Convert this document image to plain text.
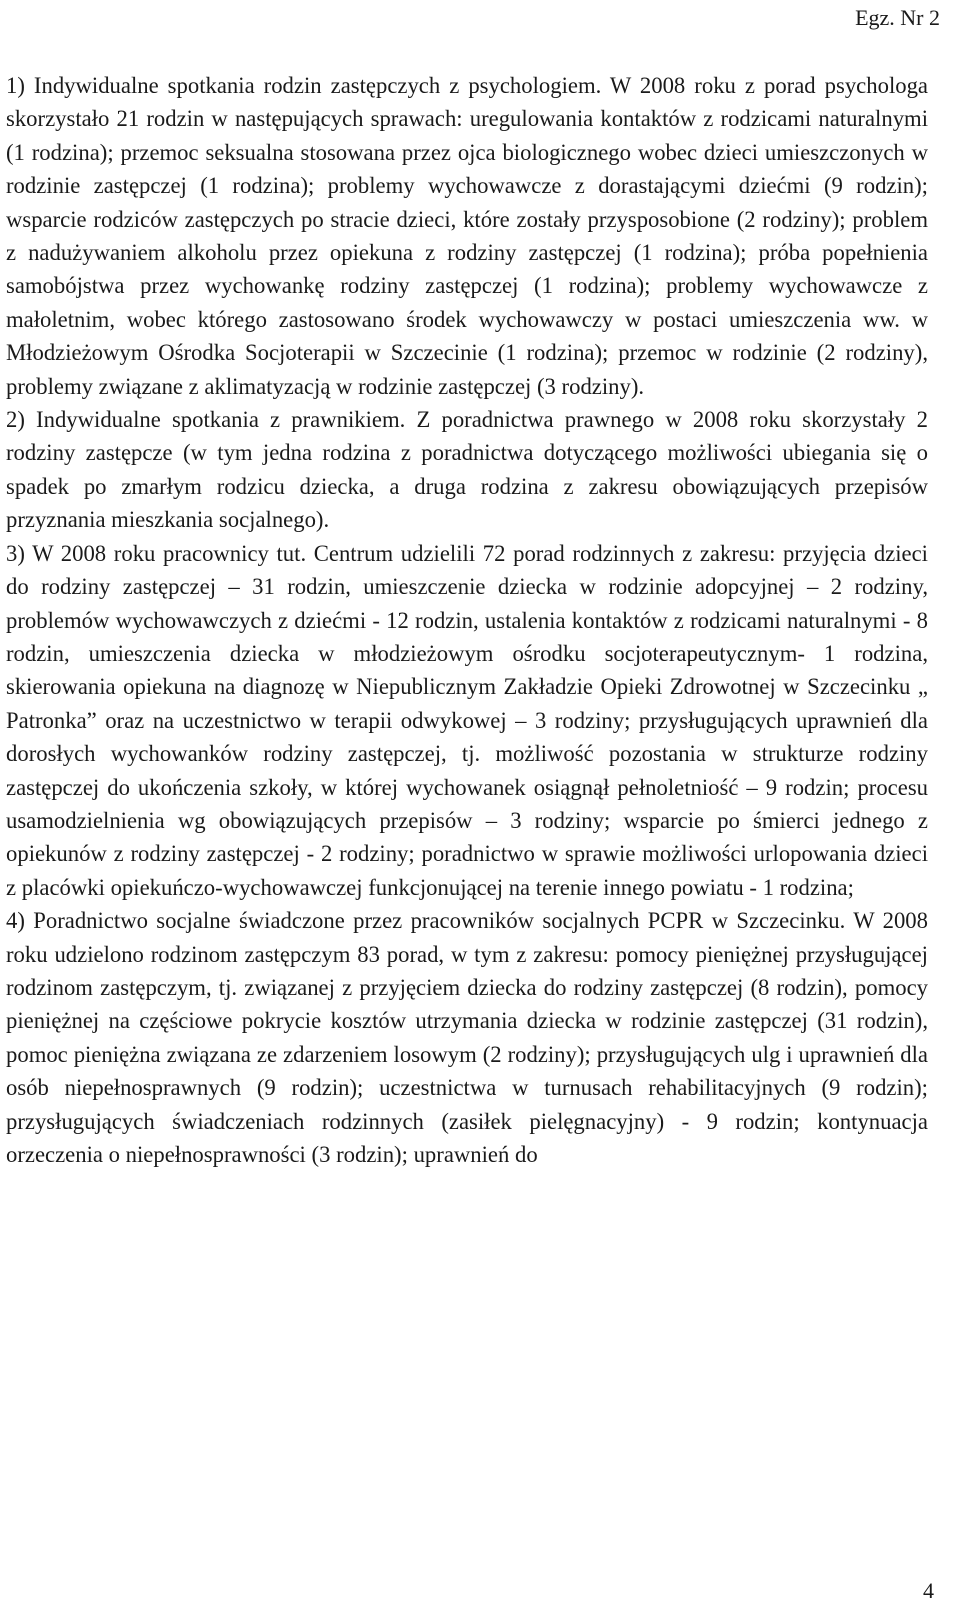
Egz. Nr 2

1) Indywidualne spotkania rodzin zastępczych z psychologiem. W 2008 roku z porad psychologa skorzystało 21 rodzin w następujących sprawach: uregulowania kontaktów z rodzicami naturalnymi (1 rodzina); przemoc seksualna stosowana przez ojca biologicznego wobec dzieci umieszczonych w rodzinie zastępczej (1 rodzina); problemy wychowawcze z dorastającymi dziećmi (9 rodzin); wsparcie rodziców zastępczych po stracie dzieci, które zostały przysposobione (2 rodziny); problem z nadużywaniem alkoholu przez opiekuna z rodziny zastępczej (1 rodzina); próba popełnienia samobójstwa przez wychowankę rodziny zastępczej (1 rodzina); problemy wychowawcze z małoletnim, wobec którego zastosowano środek wychowawczy w postaci umieszczenia ww. w Młodzieżowym Ośrodka Socjoterapii w Szczecinie (1 rodzina); przemoc w rodzinie (2 rodziny), problemy związane z aklimatyzacją w rodzinie zastępczej (3 rodziny).

2) Indywidualne spotkania z prawnikiem. Z poradnictwa prawnego w 2008 roku skorzystały 2 rodziny zastępcze (w tym jedna rodzina z poradnictwa dotyczącego możliwości ubiegania się o spadek po zmarłym rodzicu dziecka, a druga rodzina z zakresu obowiązujących przepisów przyznania mieszkania socjalnego).

3) W 2008 roku pracownicy tut. Centrum udzielili 72 porad rodzinnych z zakresu: przyjęcia dzieci do rodziny zastępczej – 31 rodzin, umieszczenie dziecka w rodzinie adopcyjnej – 2 rodziny, problemów wychowawczych z dziećmi - 12 rodzin, ustalenia kontaktów z rodzicami naturalnymi - 8 rodzin, umieszczenia dziecka w młodzieżowym ośrodku socjoterapeutycznym- 1 rodzina, skierowania opiekuna na diagnozę w Niepublicznym Zakładzie Opieki Zdrowotnej w Szczecinku „ Patronka” oraz na uczestnictwo w terapii odwykowej – 3 rodziny; przysługujących uprawnień dla dorosłych wychowanków rodziny zastępczej, tj. możliwość pozostania w strukturze rodziny zastępczej do ukończenia szkoły, w której wychowanek osiągnął pełnoletniość – 9 rodzin; procesu usamodzielnienia wg obowiązujących przepisów – 3 rodziny; wsparcie po śmierci jednego z opiekunów z rodziny zastępczej - 2 rodziny; poradnictwo w sprawie możliwości urlopowania dzieci z placówki opiekuńczo-wychowawczej funkcjonującej na terenie innego powiatu - 1 rodzina;

4) Poradnictwo socjalne świadczone przez pracowników socjalnych PCPR w Szczecinku. W 2008 roku udzielono rodzinom zastępczym 83 porad, w tym z zakresu: pomocy pieniężnej przysługującej rodzinom zastępczym, tj. związanej z przyjęciem dziecka do rodziny zastępczej (8 rodzin), pomocy pieniężnej na częściowe pokrycie kosztów utrzymania dziecka w rodzinie zastępczej (31 rodzin), pomoc pieniężna związana ze zdarzeniem losowym (2 rodziny); przysługujących ulg i uprawnień dla osób niepełnosprawnych (9 rodzin); uczestnictwa w turnusach rehabilitacyjnych (9 rodzin); przysługujących świadczeniach rodzinnych (zasiłek pielęgnacyjny) - 9 rodzin; kontynuacja orzeczenia o niepełnosprawności (3 rodzin); uprawnień do

4
